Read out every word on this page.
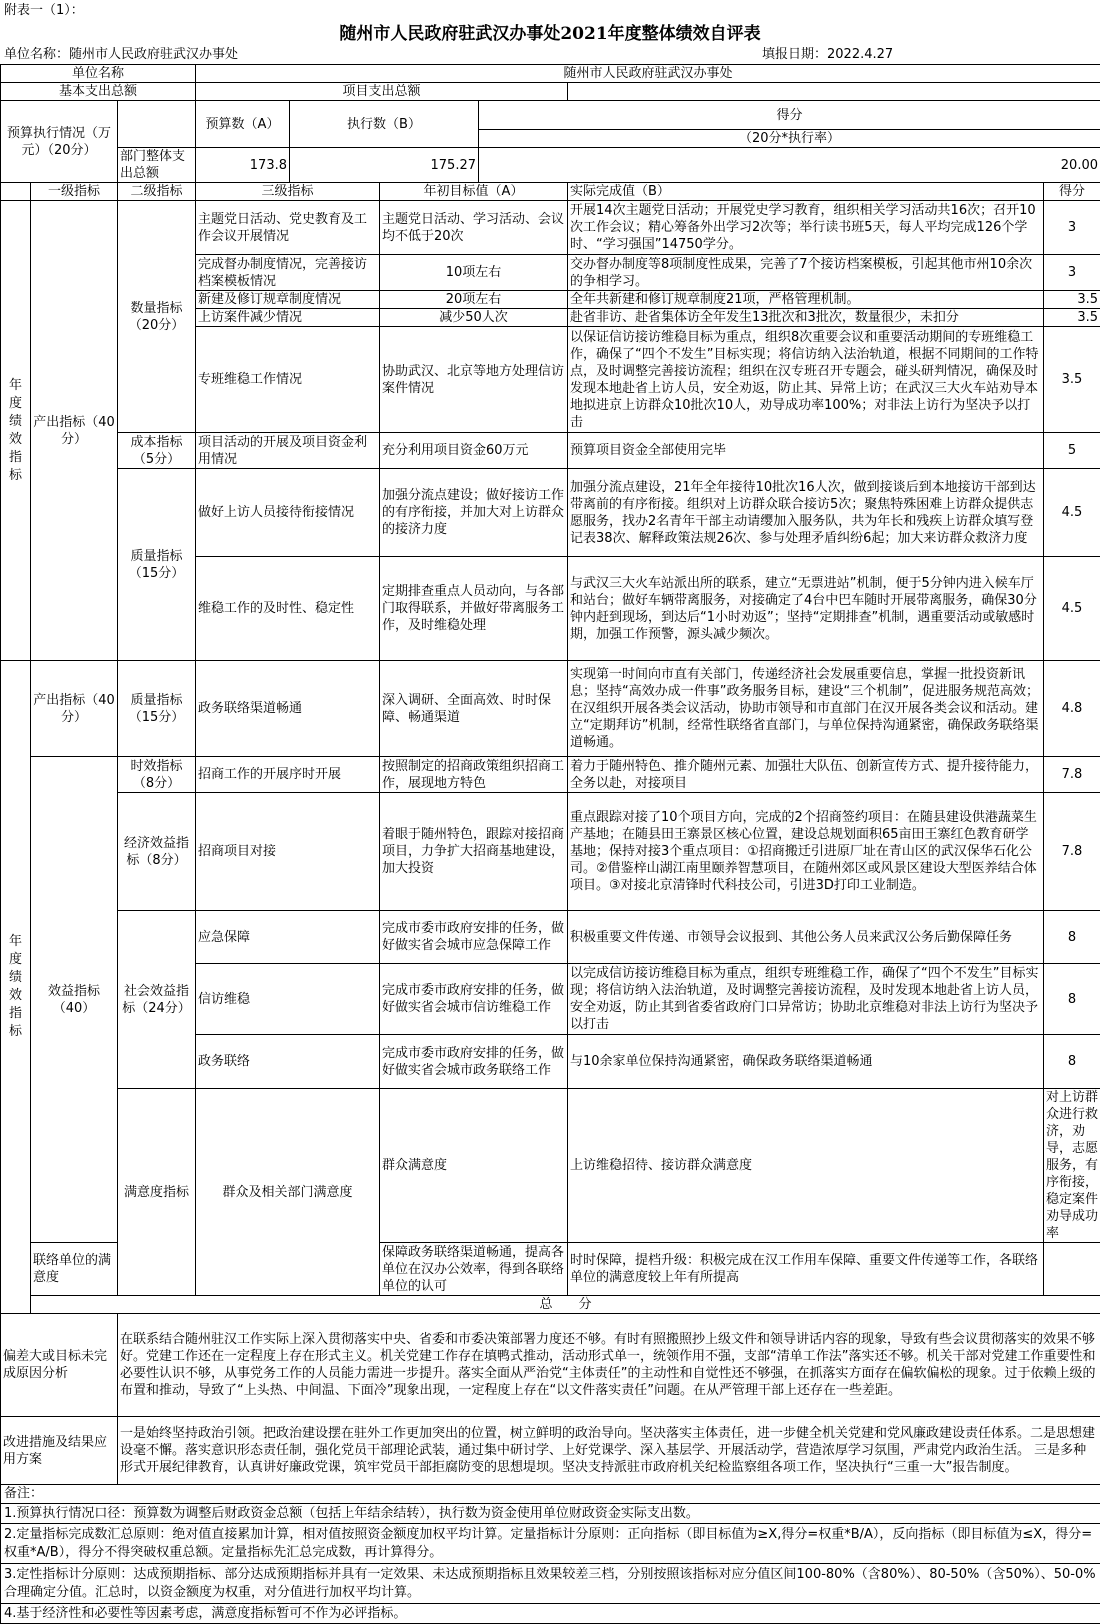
附表一（1）：
随州市人民政府驻武汉办事处2021年度整体绩效自评表
单位名称：随州市人民政府驻武汉办事处	填报日期：2022.4.27
单位名称	随州市人民政府驻武汉办事处	
基本支出总额	项目支出总额	
预算执行情况（万元）（20分）		预算数（A）	执行数（B）	得分
				（20分*执行率）
	部门整体支出总额	173.8	175.27	20.00
	一级指标	二级指标	三级指标	年初目标值（A）	实际完成值（B）	得分	
年度绩效指标	产出指标（40分）	数量指标（20分）	主题党日活动、党史教育及工作会议开展情况	主题党日活动、学习活动、会议均不低于20次	开展14次主题党日活动；开展党史学习教育，组织相关学习活动共16次；召开10次工作会议；精心筹备外出学习2次等；举行读书班5天，每人平均完成126个学时、“学习强国”14750学分。	3	
			完成督办制度情况，完善接访档案模板情况	10项左右	交办督办制度等8项制度性成果，完善了7个接访档案模板，引起其他市州10余次的争相学习。	3	
			新建及修订规章制度情况	20项左右	全年共新建和修订规章制度21项，严格管理机制。	3.5	
			上访案件减少情况	减少50人次	赴省非访、赴省集体访全年发生13批次和3批次，数量很少，未扣分	3.5	
			专班维稳工作情况	协助武汉、北京等地方处理信访案件情况	以保证信访接访维稳目标为重点，组织8次重要会议和重要活动期间的专班维稳工作，确保了“四个不发生”目标实现；将信访纳入法治轨道，根据不同期间的工作特点，及时调整完善接访流程；组织在汉专班召开专题会，碰头研判情况，确保及时发现本地赴省上访人员，安全劝返，防止其、异常上访；在武汉三大火车站劝导本地拟进京上访群众10批次10人，劝导成功率100%；对非法上访行为坚决予以打击	3.5	
		成本指标（5分）	项目活动的开展及项目资金利用情况	充分利用项目资金60万元	预算项目资金全部使用完毕	5	
		质量指标（15分）	做好上访人员接待衔接情况	加强分流点建设；做好接访工作的有序衔接，并加大对上访群众的接济力度	加强分流点建设，21年全年接待10批次16人次，做到接谈后到本地接访干部到达带离前的有序衔接。组织对上访群众联合接访5次；聚焦特殊困难上访群众提供志愿服务，找办2名青年干部主动请缨加入服务队，共为年长和残疾上访群众填写登记表38次、解释政策法规26次、参与处理矛盾纠纷6起；加大来访群众救济力度	4.5	
			维稳工作的及时性、稳定性	定期排查重点人员动向，与各部门取得联系，并做好带离服务工作，及时维稳处理	与武汉三大火车站派出所的联系，建立“无票进站”机制，便于5分钟内进入候车厅和站台；做好车辆带离服务，对接确定了4台中巴车随时开展带离服务，确保30分钟内赶到现场，到达后“1小时劝返”；坚持“定期排查”机制，遇重要活动或敏感时期，加强工作预警，源头减少频次。	4.5	
年度绩效指标	产出指标（40分）	质量指标（15分）	政务联络渠道畅通	深入调研、全面高效、时时保障、畅通渠道	实现第一时间向市直有关部门，传递经济社会发展重要信息，掌握一批投资新讯息；坚持“高效办成一件事”政务服务目标，建设“三个机制”，促进服务规范高效；在汉组织开展各类会议活动，协助市领导和市直部门在汉开展各类会议和活动。建立“定期拜访”机制，经常性联络省直部门，与单位保持沟通紧密，确保政务联络渠道畅通。	4.8	
	效益指标（40）	时效指标（8分）	招商工作的开展序时开展	按照制定的招商政策组织招商工作，展现地方特色	着力于随州特色、推介随州元素、加强壮大队伍、创新宣传方式、提升接待能力，全务以赴，对接项目	7.8	
		经济效益指标（8分）	招商项目对接	着眼于随州特色，跟踪对接招商项目，力争扩大招商基地建设，加大投资	重点跟踪对接了10个项目方向，完成的2个招商签约项目：在随县建设供港蔬菜生产基地；在随县田王寨景区核心位置，建设总规划面积65亩田王寨红色教育研学基地；保持对接3个重点项目：①招商搬迁引进原厂址在青山区的武汉保华石化公司。②借鉴梓山湖江南里颐养智慧项目，在随州郊区或风景区建设大型医养结合体项目。③对接北京清锋时代科技公司，引进3D打印工业制造。	7.8	
		社会效益指标（24分）	应急保障	完成市委市政府安排的任务，做好做实省会城市应急保障工作	积极重要文件传递、市领导会议报到、其他公务人员来武汉公务后勤保障任务	8	
			信访维稳	完成市委市政府安排的任务，做好做实省会城市信访维稳工作	以完成信访接访维稳目标为重点，组织专班维稳工作，确保了“四个不发生”目标实现；将信访纳入法治轨道，及时调整完善接访流程，及时发现本地赴省上访人员，安全劝返，防止其到省委省政府门口异常访；协助北京维稳对非法上访行为坚决予以打击	8	
			政务联络	完成市委市政府安排的任务，做好做实省会城市政务联络工作	与10余家单位保持沟通紧密，确保政务联络渠道畅通	8	
		满意度指标	群众及相关部门满意度	群众满意度	上访维稳招待、接访群众满意度	对上访群众进行救济，劝导，志愿服务，有序衔接，稳定案件劝导成功率	
	联络单位的满意度			保障政务联络渠道畅通，提高各单位在汉办公效率，得到各联络单位的认可	时时保障，提档升级：积极完成在汉工作用车保障、重要文件传递等工作，各联络单位的满意度较上年有所提高		
	总　　分	
偏差大或目标未完成原因分析	在联系结合随州驻汉工作实际上深入贯彻落实中央、省委和市委决策部署力度还不够。有时有照搬照抄上级文件和领导讲话内容的现象，导致有些会议贯彻落实的效果不够好。党建工作还在一定程度上存在形式主义。机关党建工作存在填鸭式推动，活动形式单一，统领作用不强，支部“清单工作法”落实还不够。机关干部对党建工作重要性和必要性认识不够，从事党务工作的人员能力需进一步提升。落实全面从严治党“主体责任”的主动性和自觉性还不够强，在抓落实方面存在偏软偏松的现象。过于依赖上级的布置和推动，导致了“上头热、中间温、下面冷”现象出现，一定程度上存在“以文件落实责任”问题。在从严管理干部上还存在一些差距。
改进措施及结果应用方案	一是始终坚持政治引领。把政治建设摆在驻外工作更加突出的位置，树立鲜明的政治导向。坚决落实主体责任，进一步健全机关党建和党风廉政建设责任体系。二是思想建设毫不懈。落实意识形态责任制，强化党员干部理论武装，通过集中研讨学、上好党课学、深入基层学、开展活动学，营造浓厚学习氛围，严肃党内政治生活。 三是多种形式开展纪律教育，认真讲好廉政党课，筑牢党员干部拒腐防变的思想堤坝。坚决支持派驻市政府机关纪检监察组各项工作，坚决执行“三重一大”报告制度。
备注：
1.预算执行情况口径：预算数为调整后财政资金总额（包括上年结余结转），执行数为资金使用单位财政资金实际支出数。
2.定量指标完成数汇总原则：绝对值直接累加计算，相对值按照资金额度加权平均计算。定量指标计分原则：正向指标（即目标值为≥X,得分=权重*B/A），反向指标（即目标值为≤X，得分=权重*A/B），得分不得突破权重总额。定量指标先汇总完成数，再计算得分。
3.定性指标计分原则：达成预期指标、部分达成预期指标并具有一定效果、未达成预期指标且效果较差三档，分别按照该指标对应分值区间100-80%（含80%）、80-50%（含50%）、50-0%合理确定分值。汇总时，以资金额度为权重，对分值进行加权平均计算。
4.基于经济性和必要性等因素考虑，满意度指标暂可不作为必评指标。
